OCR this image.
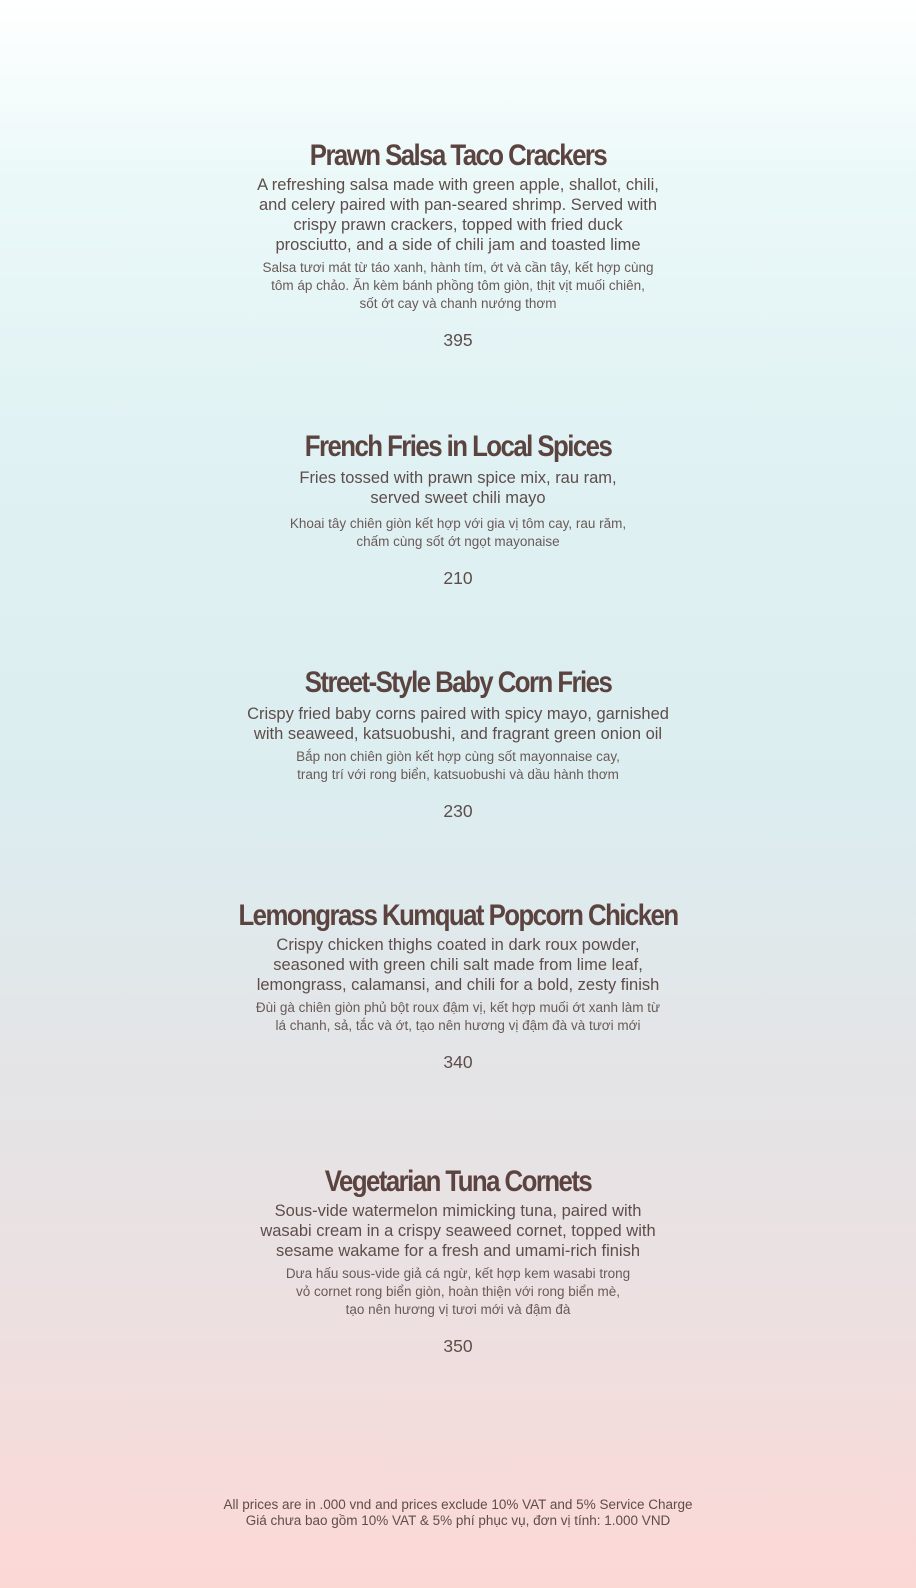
Prawn Salsa Taco Crackers
A refreshing salsa made with green apple, shallot, chili,
and celery paired with pan-seared shrimp. Served with
crispy prawn crackers, topped with fried duck
prosciutto, and a side of chili jam and toasted lime
Salsa tươi mát từ táo xanh, hành tím, ớt và cần tây, kết hợp cùng
tôm áp chảo. Ăn kèm bánh phồng tôm giòn, thịt vịt muối chiên,
sốt ớt cay và chanh nướng thơm
395
French Fries in Local Spices
Fries tossed with prawn spice mix, rau ram,
served sweet chili mayo
Khoai tây chiên giòn kết hợp với gia vị tôm cay, rau răm,
chấm cùng sốt ớt ngọt mayonaise
210
Street-Style Baby Corn Fries
Crispy fried baby corns paired with spicy mayo, garnished
with seaweed, katsuobushi, and fragrant green onion oil
Bắp non chiên giòn kết hợp cùng sốt mayonnaise cay,
trang trí với rong biển, katsuobushi và dầu hành thơm
230
Lemongrass Kumquat Popcorn Chicken
Crispy chicken thighs coated in dark roux powder,
seasoned with green chili salt made from lime leaf,
lemongrass, calamansi, and chili for a bold, zesty finish
Đùi gà chiên giòn phủ bột roux đậm vị, kết hợp muối ớt xanh làm từ
lá chanh, sả, tắc và ớt, tạo nên hương vị đậm đà và tươi mới
340
Vegetarian Tuna Cornets
Sous-vide watermelon mimicking tuna, paired with
wasabi cream in a crispy seaweed cornet, topped with
sesame wakame for a fresh and umami-rich finish
Dưa hấu sous-vide giả cá ngừ, kết hợp kem wasabi trong
vỏ cornet rong biển giòn, hoàn thiện với rong biển mè,
tạo nên hương vị tươi mới và đậm đà
350
All prices are in .000 vnd and prices exclude 10% VAT and 5% Service Charge
Giá chưa bao gồm 10% VAT & 5% phí phục vụ, đơn vị tính: 1.000 VND
